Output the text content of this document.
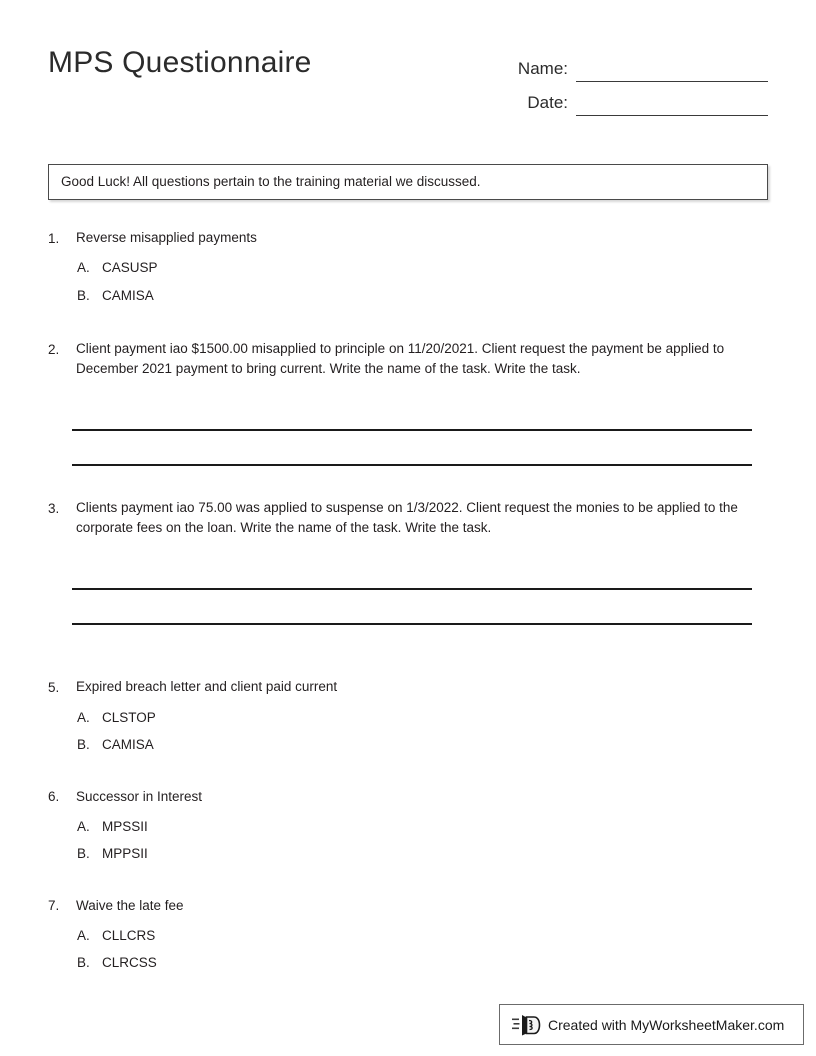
MPS Questionnaire	Name:
Date:
Good Luck! All questions pertain to the training material we discussed.
1.	Reverse misapplied payments
A. CASUSP
B. CAMISA
2.	Client payment iao $1500.00 misapplied to principle on 11/20/2021. Client request the payment be applied to December 2021 payment to bring current. Write the name of the task. Write the task.
3.	Clients payment iao 75.00 was applied to suspense on 1/3/2022. Client request the monies to be applied to the corporate fees on the loan. Write the name of the task. Write the task.
5.	Expired breach letter and client paid current
A. CLSTOP
B. CAMISA
6.	Successor in Interest
A. MPSSII
B. MPPSII
7.	Waive the late fee
A. CLLCRS
B. CLRCSS
Created with MyWorksheetMaker.com
